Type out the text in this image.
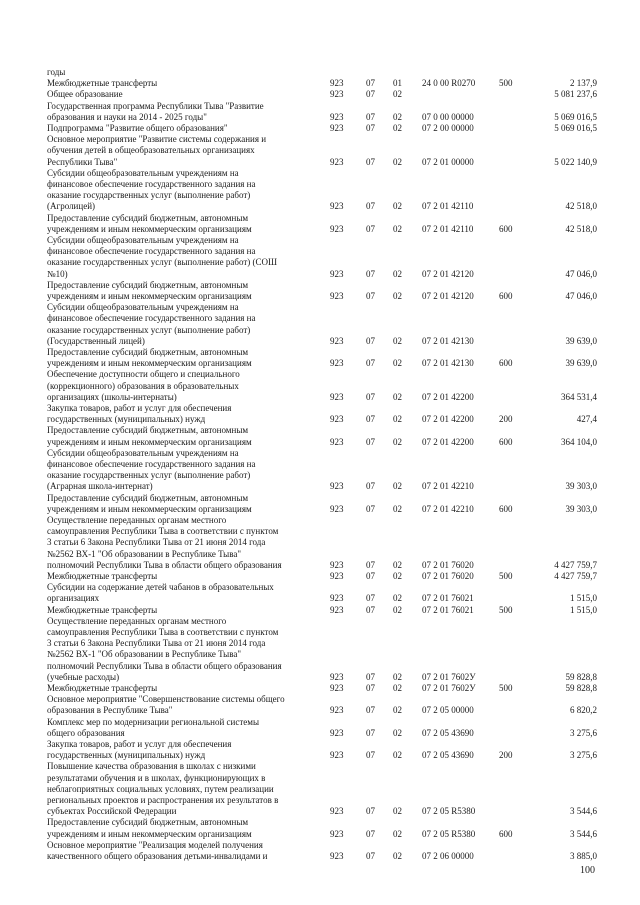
годы
Межбюджетные трансферты	923	07 01 24 0 00 R0270	500	2 137,9
Общее образование	923	07 02	5 081 237,6
Государственная программа Республики Тыва "Развитие
образования и науки на 2014 - 2025 годы"	923	07 02 07 0 00 00000	5 069 016,5
Подпрограмма "Развитие общего образования"	923	07 02 07 2 00 00000	5 069 016,5
Основное мероприятие "Развитие системы содержания и
обучения детей в общеобразовательных организациях
Республики Тыва"	923	07 02 07 2 01 00000	5 022 140,9
Субсидии общеобразовательным учреждениям на
финансовое обеспечение государственного задания на
оказание государственных услуг (выполнение работ)
(Агролицей)	923	07 02 07 2 01 42110	42 518,0
Предоставление субсидий бюджетным, автономным
учреждениям и иным некоммерческим организациям	923	07 02 07 2 01 42110	600	42 518,0
Субсидии общеобразовательным учреждениям на
финансовое обеспечение государственного задания на
оказание государственных услуг (выполнение работ) (СОШ
№10)	923	07 02 07 2 01 42120	47 046,0
Предоставление субсидий бюджетным, автономным
учреждениям и иным некоммерческим организациям	923	07 02 07 2 01 42120	600	47 046,0
Субсидии общеобразовательным учреждениям на
финансовое обеспечение государственного задания на
оказание государственных услуг (выполнение работ)
(Государственный лицей)	923	07 02 07 2 01 42130	39 639,0
Предоставление субсидий бюджетным, автономным
учреждениям и иным некоммерческим организациям	923	07 02 07 2 01 42130	600	39 639,0
Обеспечение доступности общего и специального
(коррекционного) образования в образовательных
организациях (школы-интернаты)	923	07 02 07 2 01 42200	364 531,4
Закупка товаров, работ и услуг для обеспечения
государственных (муниципальных) нужд	923	07 02 07 2 01 42200	200	427,4
Предоставление субсидий бюджетным, автономным
учреждениям и иным некоммерческим организациям	923	07 02 07 2 01 42200	600	364 104,0
Субсидии общеобразовательным учреждениям на
финансовое обеспечение государственного задания на
оказание государственных услуг (выполнение работ)
(Аграрная школа-интернат)	923	07 02 07 2 01 42210	39 303,0
Предоставление субсидий бюджетным, автономным
учреждениям и иным некоммерческим организациям	923	07 02 07 2 01 42210	600	39 303,0
Осуществление переданных органам местного
самоуправления Республики Тыва в соответствии с пунктом
3 статьи 6 Закона Республики Тыва от 21 июня 2014 года
№2562 ВХ-1 "Об образовании в Республике Тыва"
полномочий Республики Тыва в области общего образования	923	07 02 07 2 01 76020	4 427 759,7
Межбюджетные трансферты	923	07 02 07 2 01 76020	500	4 427 759,7
Субсидии на содержание детей чабанов в образовательных
организациях	923	07 02 07 2 01 76021	1 515,0
Межбюджетные трансферты	923	07 02 07 2 01 76021	500	1 515,0
Осуществление переданных органам местного
самоуправления Республики Тыва в соответствии с пунктом
3 статьи 6 Закона Республики Тыва от 21 июня 2014 года
№2562 ВХ-1 "Об образовании в Республике Тыва"
полномочий Республики Тыва в области общего образования
(учебные расходы)	923	07 02 07 2 01 7602У	59 828,8
Межбюджетные трансферты	923	07 02 07 2 01 7602У	500	59 828,8
Основное мероприятие "Совершенствование системы общего
образования в Республике Тыва"	923	07 02 07 2 05 00000	6 820,2
Комплекс мер по модернизации региональной системы
общего образования	923	07 02 07 2 05 43690	3 275,6
Закупка товаров, работ и услуг для обеспечения
государственных (муниципальных) нужд	923	07 02 07 2 05 43690	200	3 275,6
Повышение качества образования в школах с низкими
результатами обучения и в школах, функционирующих в
неблагоприятных социальных условиях, путем реализации
региональных проектов и распространения их результатов в
субъектах Российской Федерации	923	07 02 07 2 05 R5380	3 544,6
Предоставление субсидий бюджетным, автономным
учреждениям и иным некоммерческим организациям	923	07 02 07 2 05 R5380	600	3 544,6
Основное мероприятие "Реализация моделей получения
качественного общего образования детьми-инвалидами и	923	07 02 07 2 06 00000	3 885,0
100
